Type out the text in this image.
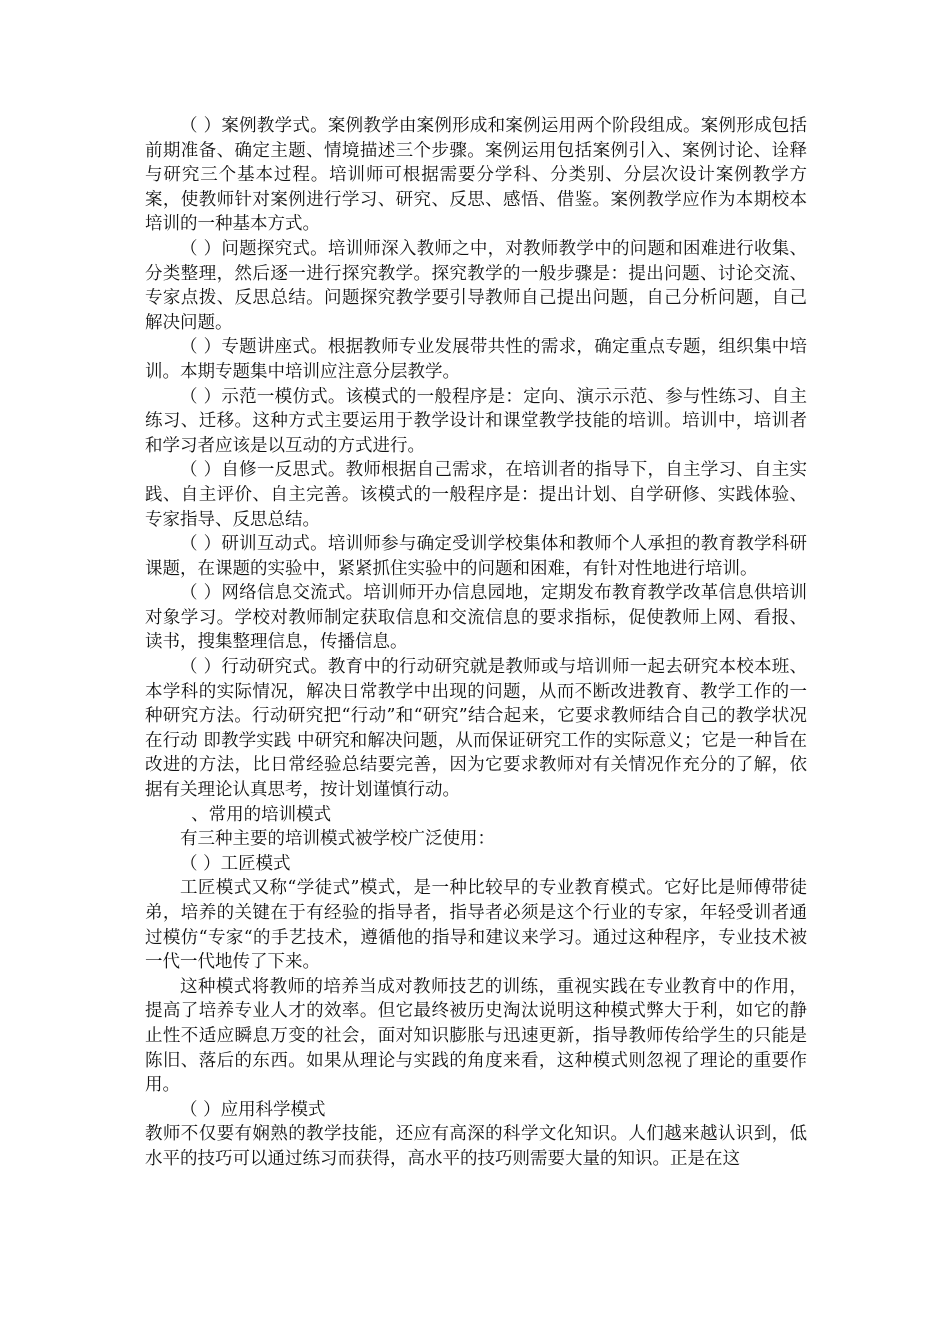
（ ）案例教学式。案例教学由案例形成和案例运用两个阶段组成。案例形成包括前期准备、确定主题、情境描述三个步骤。案例运用包括案例引入、案例讨论、诠释与研究三个基本过程。培训师可根据需要分学科、分类别、分层次设计案例教学方案，使教师针对案例进行学习、研究、反思、感悟、借鉴。案例教学应作为本期校本培训的一种基本方式。

（ ）问题探究式。培训师深入教师之中，对教师教学中的问题和困难进行收集、分类整理，然后逐一进行探究教学。探究教学的一般步骤是：提出问题、讨论交流、专家点拨、反思总结。问题探究教学要引导教师自己提出问题，自己分析问题，自己解决问题。

（ ）专题讲座式。根据教师专业发展带共性的需求，确定重点专题，组织集中培训。本期专题集中培训应注意分层教学。

（ ）示范一模仿式。该模式的一般程序是：定向、演示示范、参与性练习、自主练习、迁移。这种方式主要运用于教学设计和课堂教学技能的培训。培训中，培训者和学习者应该是以互动的方式进行。

（ ）自修一反思式。教师根据自己需求，在培训者的指导下，自主学习、自主实践、自主评价、自主完善。该模式的一般程序是：提出计划、自学研修、实践体验、专家指导、反思总结。

（ ）研训互动式。培训师参与确定受训学校集体和教师个人承担的教育教学科研课题，在课题的实验中，紧紧抓住实验中的问题和困难，有针对性地进行培训。

（ ）网络信息交流式。培训师开办信息园地，定期发布教育教学改革信息供培训对象学习。学校对教师制定获取信息和交流信息的要求指标，促使教师上网、看报、读书，搜集整理信息，传播信息。

（ ）行动研究式。教育中的行动研究就是教师或与培训师一起去研究本校本班、本学科的实际情况，解决日常教学中出现的问题，从而不断改进教育、教学工作的一种研究方法。行动研究把“行动”和“研究”结合起来，它要求教师结合自己的教学状况在行动 即教学实践 中研究和解决问题，从而保证研究工作的实际意义；它是一种旨在改进的方法，比日常经验总结要完善，因为它要求教师对有关情况作充分的了解，依据有关理论认真思考，按计划谨慎行动。

、常用的培训模式

有三种主要的培训模式被学校广泛使用：

（ ）工匠模式

工匠模式又称“学徒式”模式，是一种比较早的专业教育模式。它好比是师傅带徒弟，培养的关键在于有经验的指导者，指导者必须是这个行业的专家，年轻受训者通过模仿“专家“的手艺技术，遵循他的指导和建议来学习。通过这种程序，专业技术被一代一代地传了下来。

这种模式将教师的培养当成对教师技艺的训练，重视实践在专业教育中的作用，提高了培养专业人才的效率。但它最终被历史淘汰说明这种模式弊大于利，如它的静止性不适应瞬息万变的社会，面对知识膨胀与迅速更新，指导教师传给学生的只能是陈旧、落后的东西。如果从理论与实践的角度来看，这种模式则忽视了理论的重要作用。

（ ）应用科学模式

教师不仅要有娴熟的教学技能，还应有高深的科学文化知识。人们越来越认识到，低水平的技巧可以通过练习而获得，高水平的技巧则需要大量的知识。正是在这
